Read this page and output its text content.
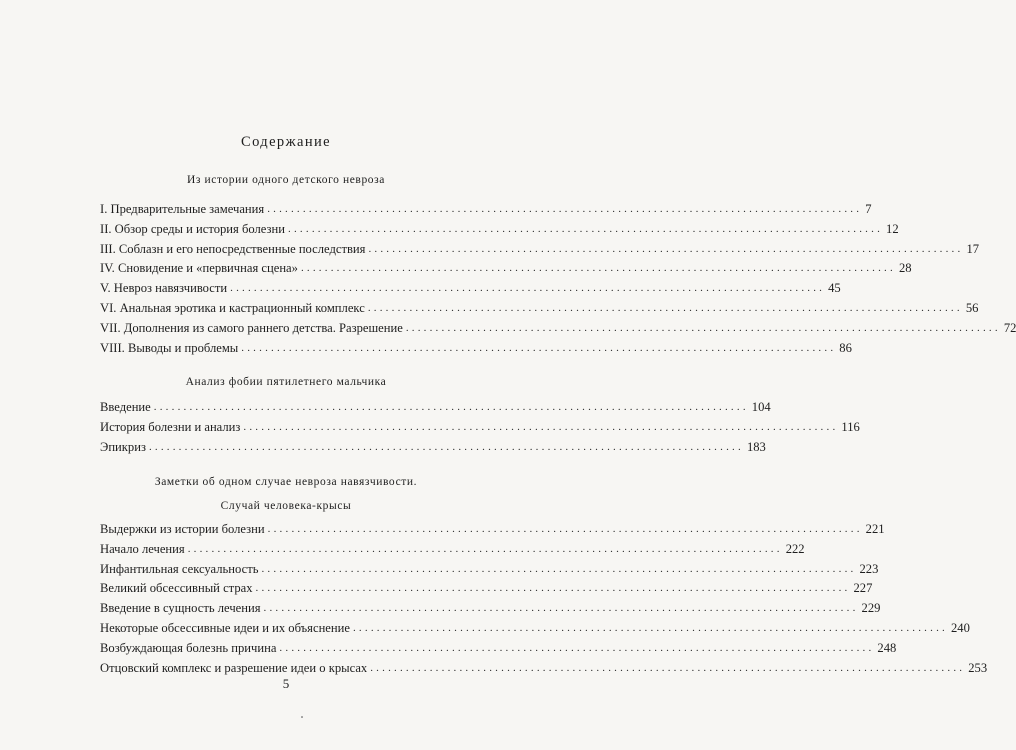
Содержание
Из истории одного детского невроза
I. Предварительные замечания .................................................................................................... 7
II. Обзор среды и история болезни .................................................................................................... 12
III. Соблазн и его непосредственные последствия .................................................................................................... 17
IV. Сновидение и «первичная сцена» .................................................................................................... 28
V. Невроз навязчивости .................................................................................................... 45
VI. Анальная эротика и кастрационный комплекс .................................................................................................... 56
VII. Дополнения из самого раннего детства. Разрешение .................................................................................................... 72
VIII. Выводы и проблемы .................................................................................................... 86
Анализ фобии пятилетнего мальчика
Введение .................................................................................................... 104
История болезни и анализ .................................................................................................... 116
Эпикриз .................................................................................................... 183
Заметки об одном случае невроза навязчивости.
Случай человека-крысы
Выдержки из истории болезни .................................................................................................... 221
Начало лечения .................................................................................................... 222
Инфантильная сексуальность .................................................................................................... 223
Великий обсессивный страх .................................................................................................... 227
Введение в сущность лечения .................................................................................................... 229
Некоторые обсессивные идеи и их объяснение .................................................................................................... 240
Возбуждающая болезнь причина .................................................................................................... 248
Отцовский комплекс и разрешение идеи о крысах .................................................................................................... 253
5
